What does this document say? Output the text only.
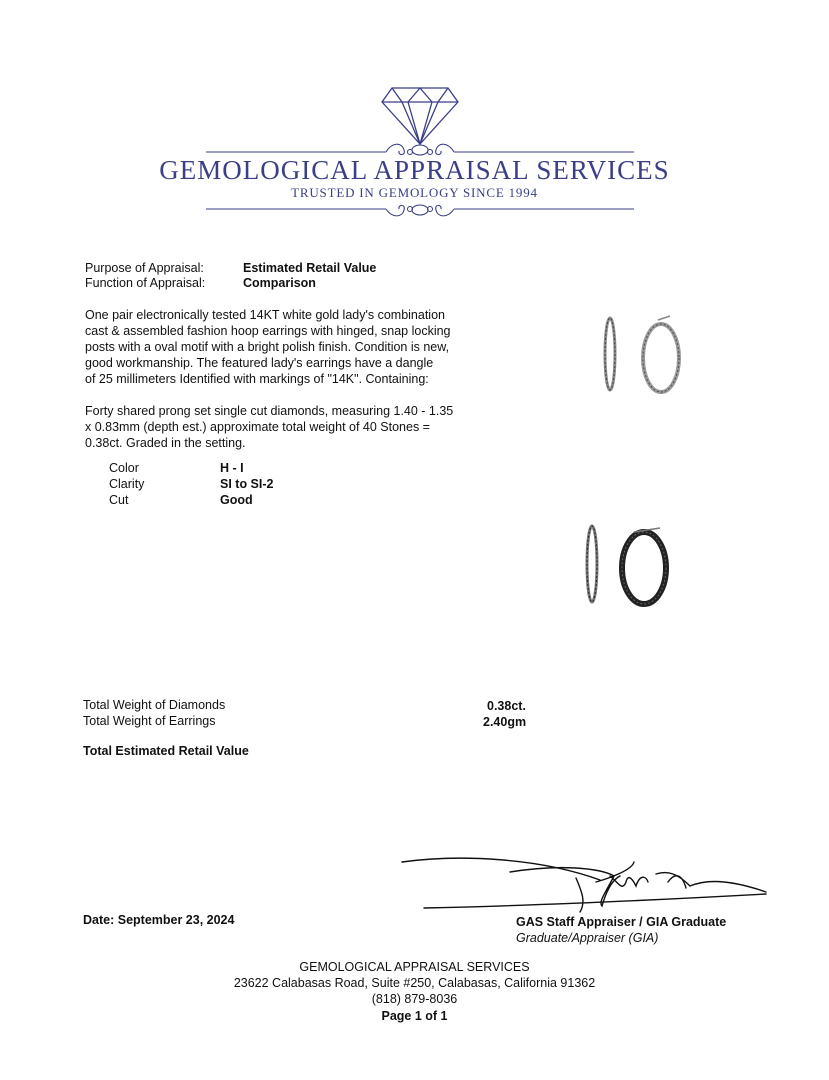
GEMOLOGICAL APPRAISAL SERVICES
TRUSTED IN GEMOLOGY SINCE 1994
Purpose of Appraisal:	Estimated Retail Value
Function of Appraisal:	Comparison
One pair electronically tested 14KT white gold lady's combination
cast & assembled fashion hoop earrings with hinged, snap locking
posts with a oval motif with a bright polish finish. Condition is new,
good workmanship. The featured lady's earrings have a dangle
of 25 millimeters Identified with markings of "14K". Containing:
Forty shared prong set single cut diamonds, measuring 1.40 - 1.35
x 0.83mm (depth est.) approximate total weight of 40 Stones =
0.38ct. Graded in the setting.
Color	H - I
Clarity	SI to SI-2
Cut	Good
Total Weight of Diamonds	0.38ct.
Total Weight of Earrings	2.40gm
Total Estimated Retail Value
Date: September 23, 2024	GAS Staff Appraiser / GIA Graduate
Graduate/Appraiser (GIA)
GEMOLOGICAL APPRAISAL SERVICES
23622 Calabasas Road, Suite #250, Calabasas, California 91362
(818) 879-8036
Page 1 of 1
